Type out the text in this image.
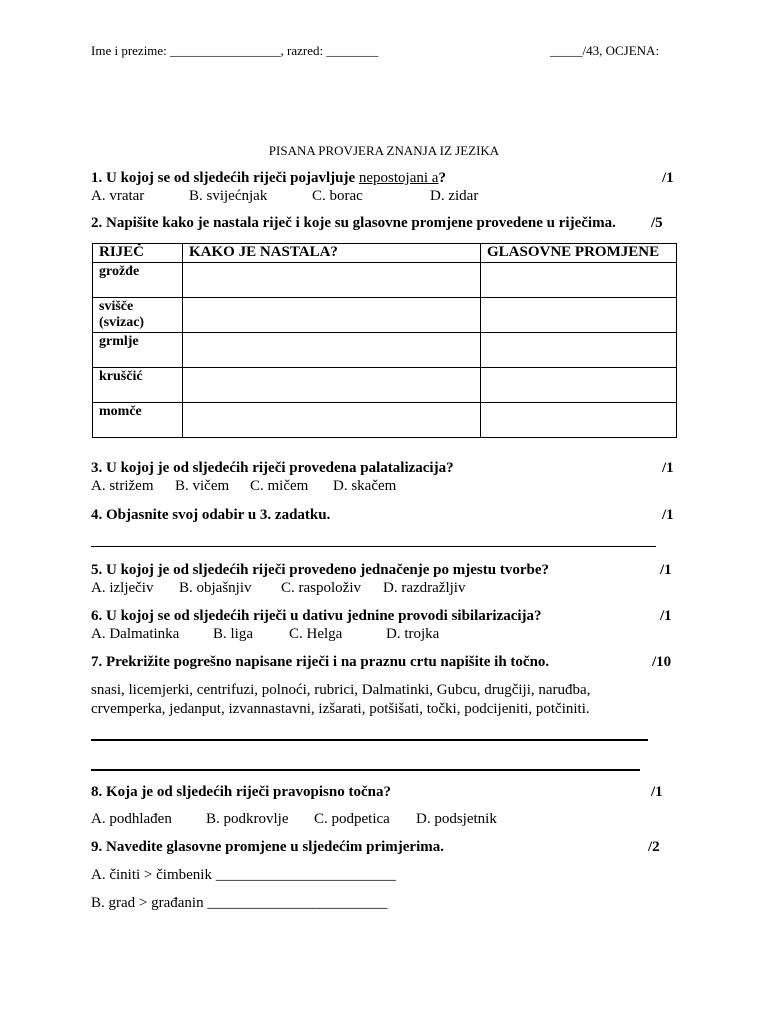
Ime i prezime: _________________, razred: ________	_____/43, OCJENA:
PISANA PROVJERA ZNANJA IZ JEZIKA
1. U kojoj se od sljedećih riječi pojavljuje nepostojani a?	/1
A. vratar	B. svijećnjak	C. borac	D. zidar
2. Napišite kako je nastala riječ i koje su glasovne promjene provedene u riječima. /5
RIJEČ	KAKO JE NASTALA?	GLASOVNE PROMJENE

grožđe		

svišče
(svizac)		

grmlje		

kruščić		

momče		

3. U kojoj je od sljedećih riječi provedena palatalizacija?	/1
A. strižem B. vičem C. mičem D. skačem
4. Objasnite svoj odabir u 3. zadatku.	/1
5. U kojoj je od sljedećih riječi provedeno jednačenje po mjestu tvorbe?	/1
A. izlječiv B. objašnjiv C. raspoloživ D. razdražljiv
6. U kojoj se od sljedećih riječi u dativu jednine provodi sibilarizacija?	/1
A. Dalmatinka B. liga C. Helga	D. trojka
7. Prekrižite pogrešno napisane riječi i na praznu crtu napišite ih točno.	/10
snasi, licemjerki, centrifuzi, polnoći, rubrici, Dalmatinki, Gubcu, drugčiji, naruđba,
crvemperka, jedanput, izvannastavni, izšarati, potšišati, točki, podcijeniti, potčiniti.
8. Koja je od sljedećih riječi pravopisno točna?	/1
A. podhlađen B. podkrovlje C. podpetica D. podsjetnik
9. Navedite glasovne promjene u sljedećim primjerima.	/2
A. činiti > čimbenik ________________________
B. grad > građanin ________________________
